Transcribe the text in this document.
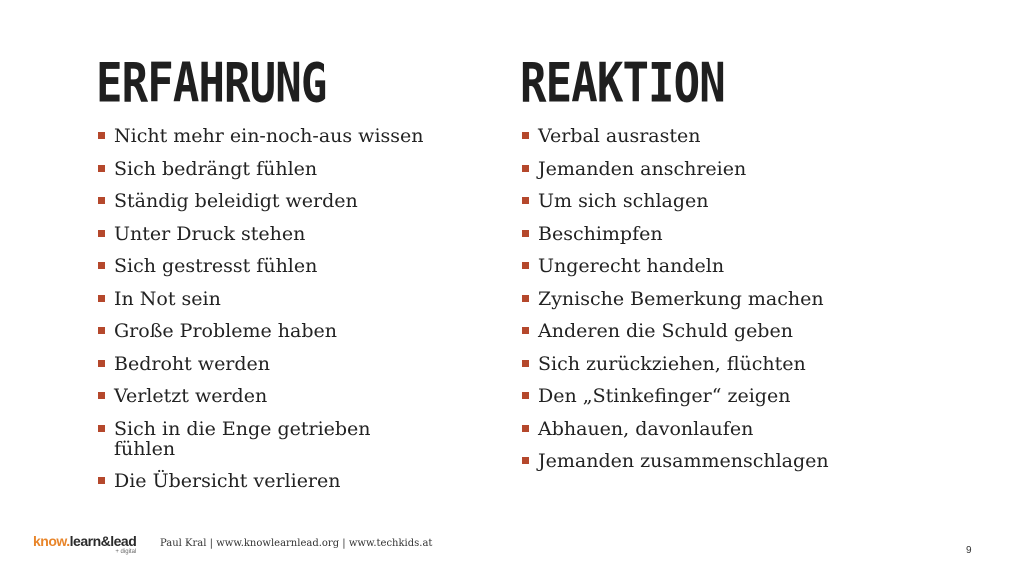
ERFAHRUNG	REAKTION
Nicht mehr ein-noch-aus wissen
Sich bedrängt fühlen
Ständig beleidigt werden
Unter Druck stehen
Sich gestresst fühlen
In Not sein
Große Probleme haben
Bedroht werden
Verletzt werden
Sich in die Enge getrieben fühlen
Die Übersicht verlieren
Verbal ausrasten
Jemanden anschreien
Um sich schlagen
Beschimpfen
Ungerecht handeln
Zynische Bemerkung machen
Anderen die Schuld geben
Sich zurückziehen, flüchten
Den „Stinkefinger“ zeigen
Abhauen, davonlaufen
Jemanden zusammenschlagen
know.learn&lead
+ digital
Paul Kral | www.knowlearnlead.org | www.techkids.at
9
